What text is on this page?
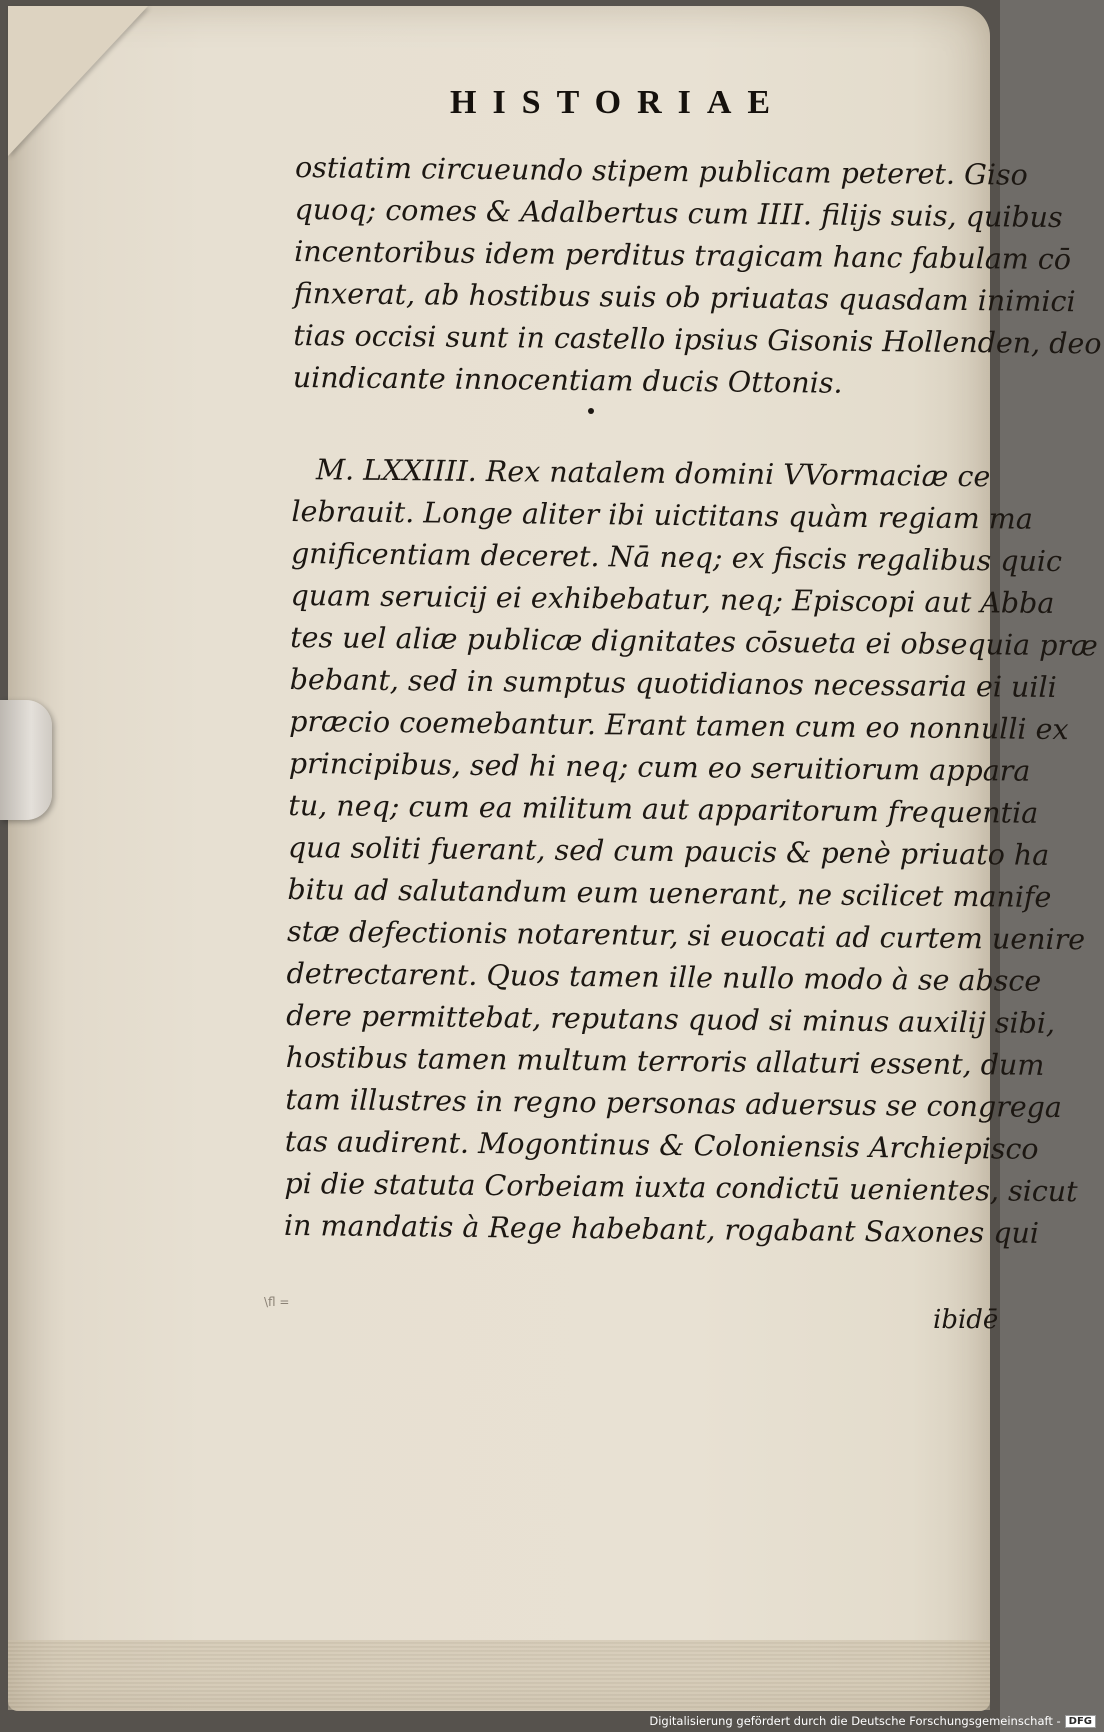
HISTORIAE
ostiatim circueundo stipem publicam peteret. Giso
quoq; comes & Adalbertus cum IIII. filijs suis, quibus
incentoribus idem perditus tragicam hanc fabulam cō
finxerat, ab hostibus suis ob priuatas quasdam inimici
tias occisi sunt in castello ipsius Gisonis Hollenden, deo
uindicante innocentiam ducis Ottonis.
M. LXXIIII. Rex natalem domini VVormaciæ ce
lebrauit. Longe aliter ibi uictitans quàm regiam ma
gnificentiam deceret. Nā neq; ex fiscis regalibus quic
quam seruicij ei exhibebatur, neq; Episcopi aut Abba
tes uel aliæ publicæ dignitates cōsueta ei obsequia præ
bebant, sed in sumptus quotidianos necessaria ei uili
præcio coemebantur. Erant tamen cum eo nonnulli ex
principibus, sed hi neq; cum eo seruitiorum appara
tu, neq; cum ea militum aut apparitorum frequentia
qua soliti fuerant, sed cum paucis & penè priuato ha
bitu ad salutandum eum uenerant, ne scilicet manife
stæ defectionis notarentur, si euocati ad curtem uenire
detrectarent. Quos tamen ille nullo modo à se absce
dere permittebat, reputans quod si minus auxilij sibi,
hostibus tamen multum terroris allaturi essent, dum
tam illustres in regno personas aduersus se congrega
tas audirent. Mogontinus & Coloniensis Archiepisco
pi die statuta Corbeiam iuxta condictū uenientes, sicut
in mandatis à Rege habebant, rogabant Saxones qui
ibidē
\fl =
Digitalisierung gefördert durch die Deutsche Forschungsgemeinschaft - DFG
